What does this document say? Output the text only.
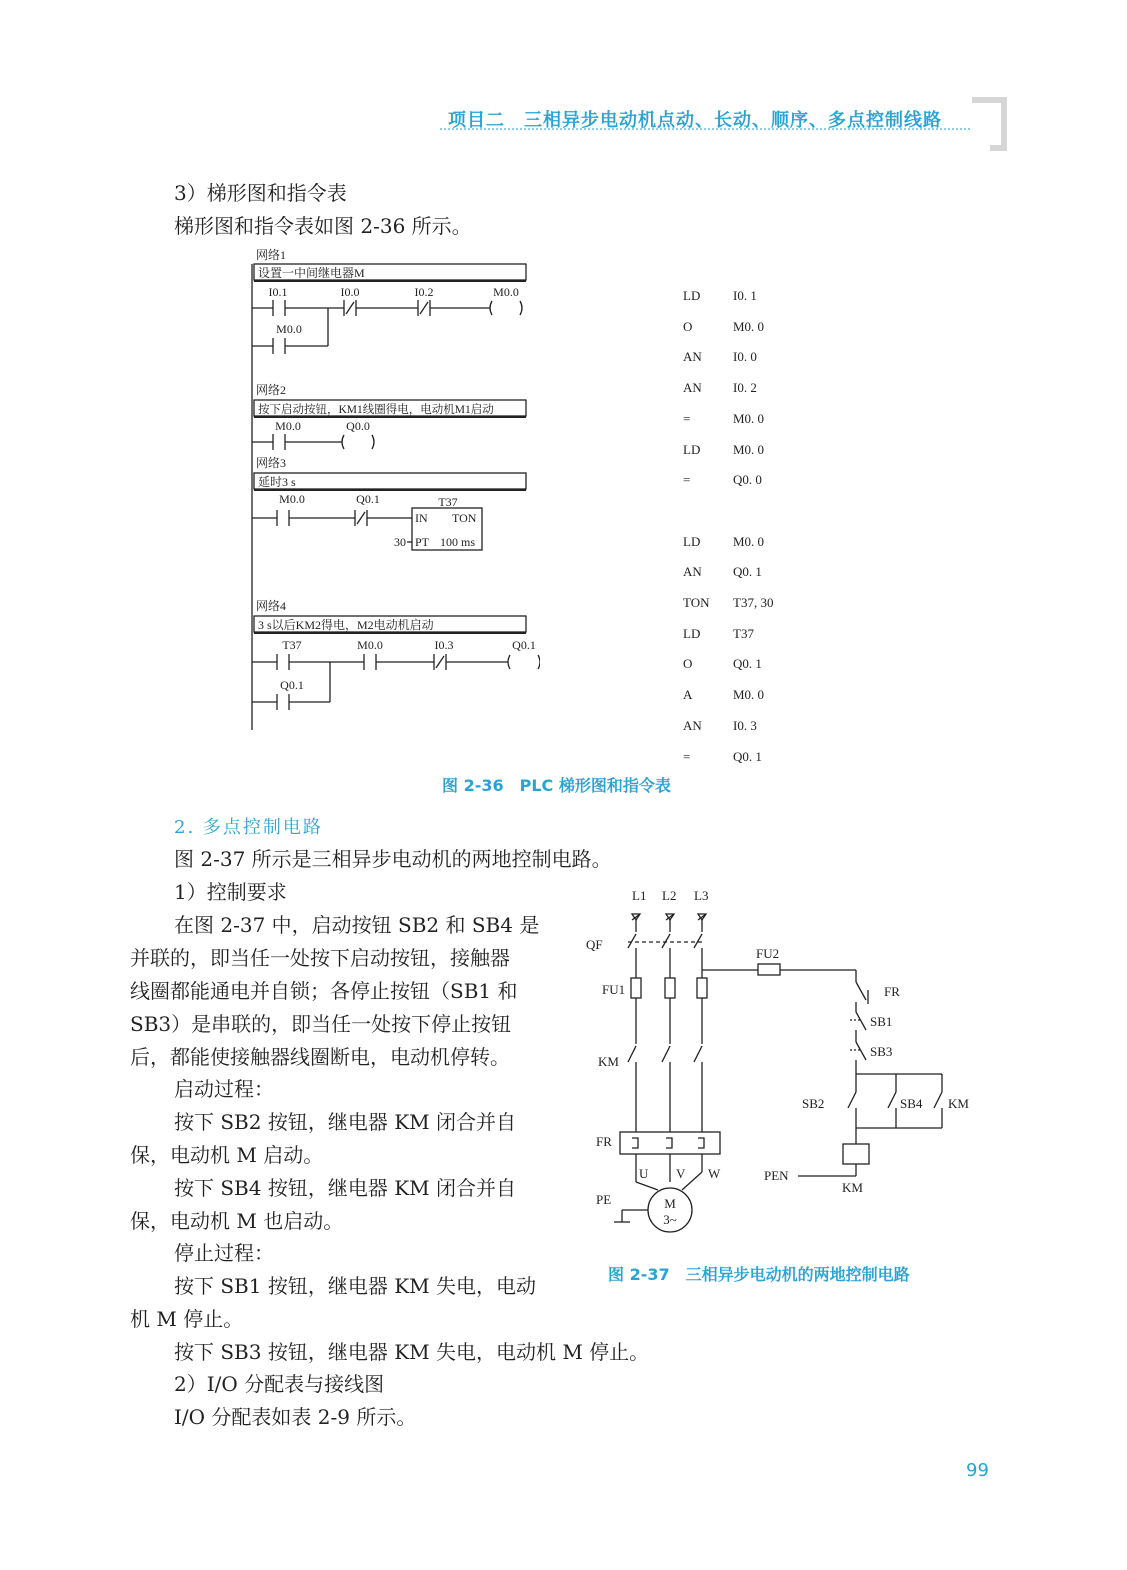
项目二　三相异步电动机点动、长动、顺序、多点控制线路
3）梯形图和指令表
梯形图和指令表如图 2-36 所示。
网络1
设置一中间继电器M
I0.1	I0.0	I0.2	M0.0
M0.0
网络2
按下启动按钮，KM1线圈得电，电动机M1启动
M0.0	Q0.0
网络3
延时3 s
M0.0	Q0.1	T37
IN TON
30 PT 100 ms
网络4
3 s以后KM2得电，M2电动机启动
T37	M0.0	I0.3	Q0.1
Q0.1
LD	I0. 1
O	M0. 0
AN I0. 0
AN I0. 2
=	M0. 0
LD	M0. 0
=	Q0. 0
LD	M0. 0
AN Q0. 1
TON T37, 30
LD	T37
O	Q0. 1
A	M0. 0
AN I0. 3
=	Q0. 1
图 2-36　PLC 梯形图和指令表
2. 多点控制电路
图 2-37 所示是三相异步电动机的两地控制电路。
1）控制要求
在图 2-37 中，启动按钮 SB2 和 SB4 是
并联的，即当任一处按下启动按钮，接触器
线圈都能通电并自锁；各停止按钮（SB1 和
SB3）是串联的，即当任一处按下停止按钮
后，都能使接触器线圈断电，电动机停转。
启动过程：
按下 SB2 按钮，继电器 KM 闭合并自
保，电动机 M 启动。
按下 SB4 按钮，继电器 KM 闭合并自
保，电动机 M 也启动。
停止过程：
按下 SB1 按钮，继电器 KM 失电，电动
机 M 停止。
按下 SB3 按钮，继电器 KM 失电，电动机 M 停止。
2）I/O 分配表与接线图
I/O 分配表如表 2-9 所示。
L1 L2 L3
QF
FU1
FU2
KM
FR
U V W
PE	M
3~
FR
SB1
SB3
SB2	SB4 KM
PEN
KM
图 2-37　三相异步电动机的两地控制电路
99
